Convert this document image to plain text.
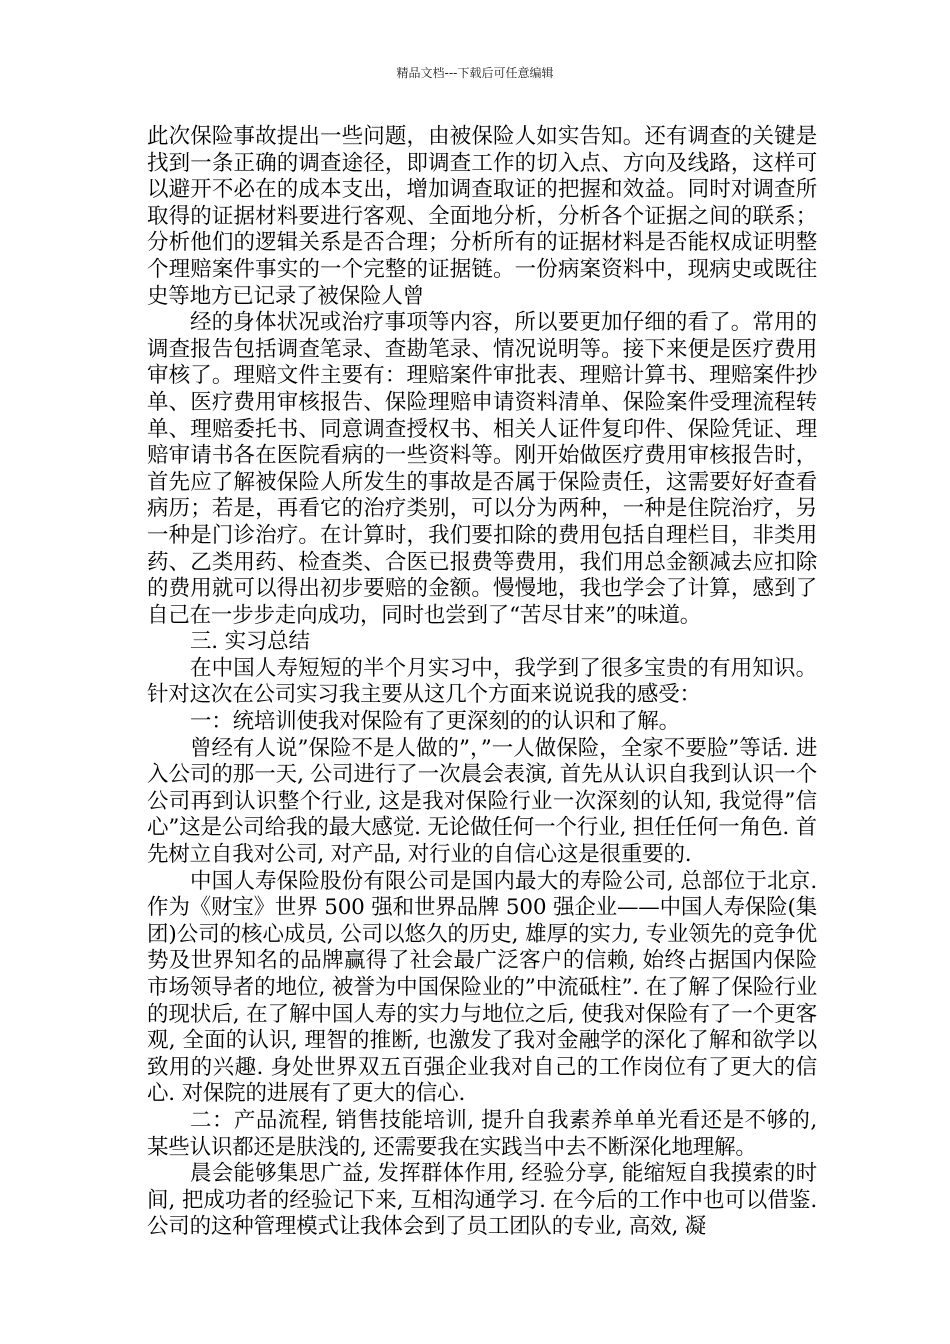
精品文档---下载后可任意编辑

此次保险事故提出一些问题，由被保险人如实告知。还有调查的关键是找到一条正确的调查途径，即调查工作的切入点、方向及线路，这样可以避开不必在的成本支出，增加调查取证的把握和效益。同时对调查所取得的证据材料要进行客观、全面地分析，分析各个证据之间的联系；分析他们的逻辑关系是否合理；分析所有的证据材料是否能权成证明整个理赔案件事实的一个完整的证据链。一份病案资料中，现病史或既往史等地方已记录了被保险人曾

经的身体状况或治疗事项等内容，所以要更加仔细的看了。常用的调查报告包括调查笔录、查勘笔录、情况说明等。接下来便是医疗费用审核了。理赔文件主要有：理赔案件审批表、理赔计算书、理赔案件抄单、医疗费用审核报告、保险理赔申请资料清单、保险案件受理流程转单、理赔委托书、同意调查授权书、相关人证件复印件、保险凭证、理赔审请书各在医院看病的一些资料等。刚开始做医疗费用审核报告时，首先应了解被保险人所发生的事故是否属于保险责任，这需要好好查看病历；若是，再看它的治疗类别，可以分为两种，一种是住院治疗，另一种是门诊治疗。在计算时，我们要扣除的费用包括自理栏目，非类用药、乙类用药、检查类、合医已报费等费用，我们用总金额减去应扣除的费用就可以得出初步要赔的金额。慢慢地，我也学会了计算，感到了自己在一步步走向成功，同时也尝到了“苦尽甘来”的味道。

三. 实习总结

在中国人寿短短的半个月实习中，我学到了很多宝贵的有用知识。针对这次在公司实习我主要从这几个方面来说说我的感受：

一：统培训使我对保险有了更深刻的的认识和了解。

曾经有人说”保险不是人做的”，”一人做保险，全家不要脸”等话. 进入公司的那一天, 公司进行了一次晨会表演, 首先从认识自我到认识一个公司再到认识整个行业, 这是我对保险行业一次深刻的认知, 我觉得”信心”这是公司给我的最大感觉. 无论做任何一个行业, 担任任何一角色. 首先树立自我对公司, 对产品, 对行业的自信心这是很重要的.

中国人寿保险股份有限公司是国内最大的寿险公司, 总部位于北京. 作为《财宝》世界 500 强和世界品牌 500 强企业——中国人寿保险(集团)公司的核心成员, 公司以悠久的历史, 雄厚的实力, 专业领先的竞争优势及世界知名的品牌赢得了社会最广泛客户的信赖, 始终占据国内保险市场领导者的地位, 被誉为中国保险业的”中流砥柱”. 在了解了保险行业的现状后, 在了解中国人寿的实力与地位之后, 使我对保险有了一个更客观, 全面的认识, 理智的推断, 也激发了我对金融学的深化了解和欲学以致用的兴趣. 身处世界双五百强企业我对自己的工作岗位有了更大的信心. 对保院的进展有了更大的信心.

二：产品流程, 销售技能培训, 提升自我素养单单光看还是不够的, 某些认识都还是肤浅的, 还需要我在实践当中去不断深化地理解。

晨会能够集思广益, 发挥群体作用, 经验分享, 能缩短自我摸索的时间, 把成功者的经验记下来, 互相沟通学习. 在今后的工作中也可以借鉴. 公司的这种管理模式让我体会到了员工团队的专业, 高效, 凝
